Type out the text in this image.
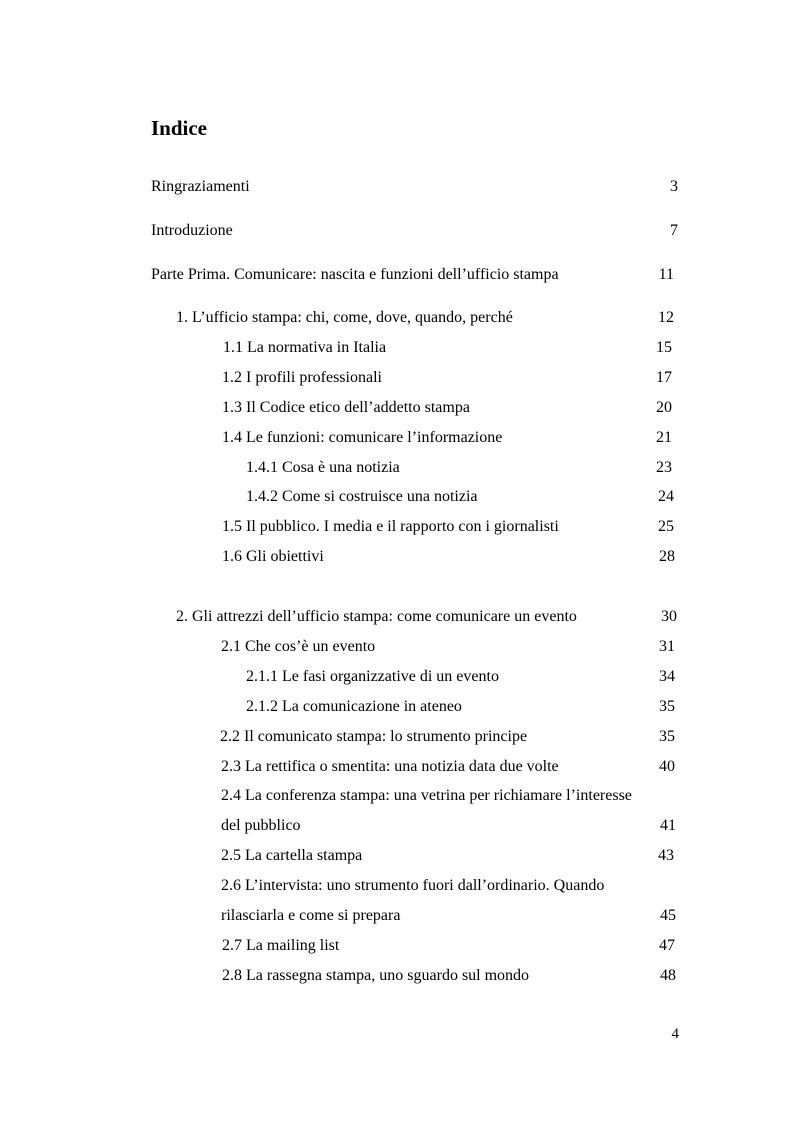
Indice
Ringraziamenti	3
Introduzione	7
Parte Prima. Comunicare: nascita e funzioni dell’ufficio stampa	11
1. L’ufficio stampa: chi, come, dove, quando, perché	12
1.1 La normativa in Italia	15
1.2 I profili professionali	17
1.3 Il Codice etico dell’addetto stampa	20
1.4 Le funzioni: comunicare l’informazione	21
1.4.1 Cosa è una notizia	23
1.4.2 Come si costruisce una notizia	24
1.5 Il pubblico. I media e il rapporto con i giornalisti	25
1.6 Gli obiettivi	28
2. Gli attrezzi dell’ufficio stampa: come comunicare un evento	30
2.1 Che cos’è un evento	31
2.1.1 Le fasi organizzative di un evento	34
2.1.2 La comunicazione in ateneo	35
2.2 Il comunicato stampa: lo strumento principe	35
2.3 La rettifica o smentita: una notizia data due volte	40
2.4 La conferenza stampa: una vetrina per richiamare l’interesse
del pubblico	41
2.5 La cartella stampa	43
2.6 L’intervista: uno strumento fuori dall’ordinario. Quando
rilasciarla e come si prepara	45
2.7 La mailing list	47
2.8 La rassegna stampa, uno sguardo sul mondo	48
4
